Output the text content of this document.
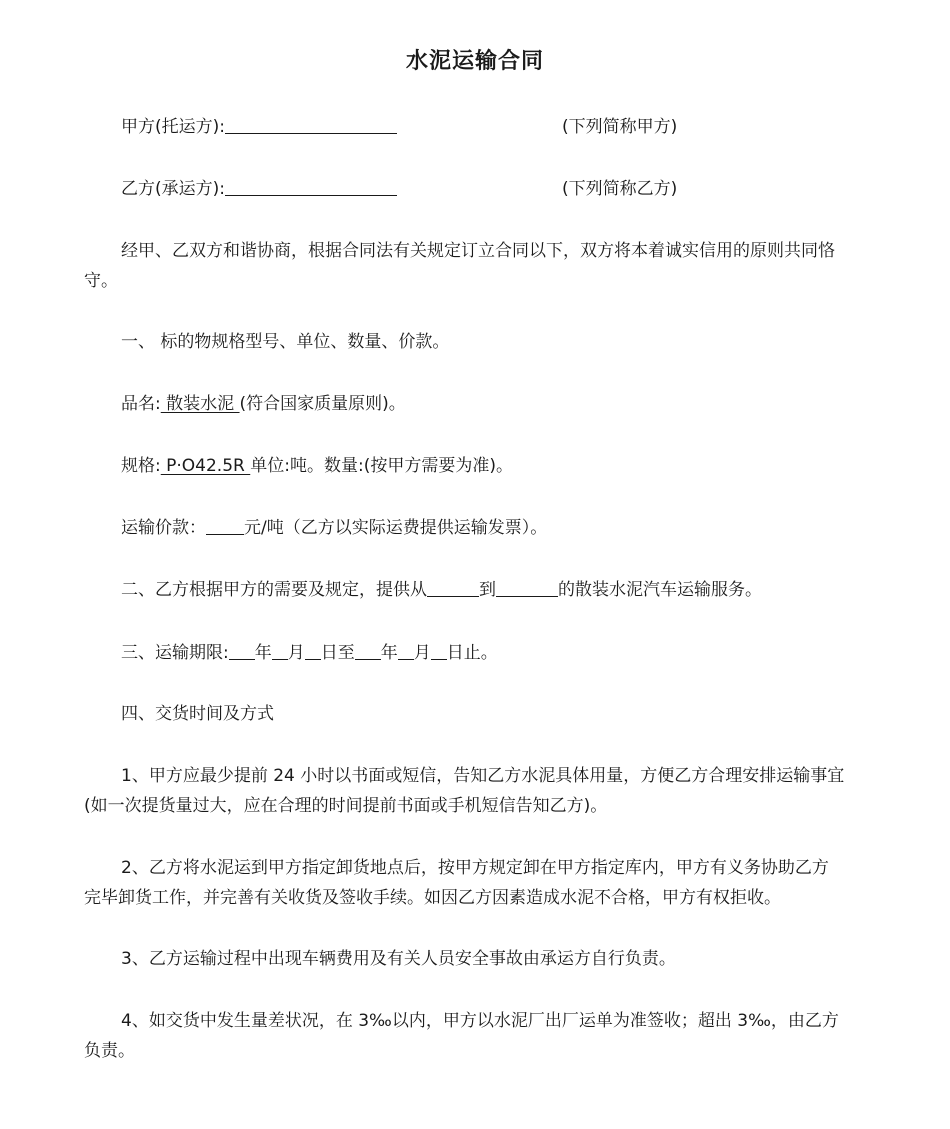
水泥运输合同
甲方(托运方):	(下列简称甲方)
乙方(承运方):	(下列简称乙方)
经甲、乙双方和谐协商，根据合同法有关规定订立合同以下，双方将本着诚实信用的原则共同恪
守。
一、 标的物规格型号、单位、数量、价款。
品名: 散装水泥 (符合国家质量原则)。
规格: P·O42.5R 单位:吨。数量:(按甲方需要为准)。
运输价款： 元/吨（乙方以实际运费提供运输发票）。
二、乙方根据甲方的需要及规定，提供从	到	的散装水泥汽车运输服务。
三、运输期限: 年 月 日至 年 月 日止。
四、交货时间及方式
1、甲方应最少提前 24 小时以书面或短信，告知乙方水泥具体用量，方便乙方合理安排运输事宜
(如一次提货量过大，应在合理的时间提前书面或手机短信告知乙方)。
2、乙方将水泥运到甲方指定卸货地点后，按甲方规定卸在甲方指定库内，甲方有义务协助乙方
完毕卸货工作，并完善有关收货及签收手续。如因乙方因素造成水泥不合格，甲方有权拒收。
3、乙方运输过程中出现车辆费用及有关人员安全事故由承运方自行负责。
4、如交货中发生量差状况，在 3‰以内，甲方以水泥厂出厂运单为准签收；超出 3‰，由乙方
负责。
